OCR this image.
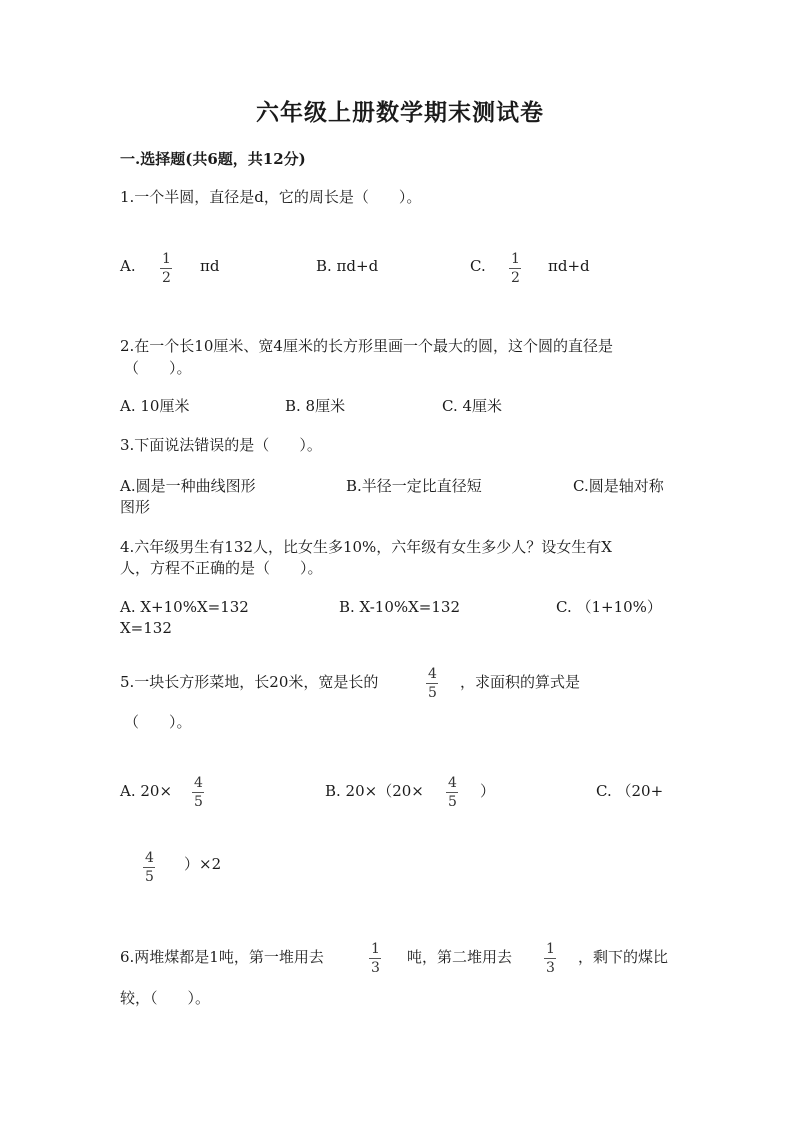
六年级上册数学期末测试卷
一.选择题(共6题，共12分)
1.一个半圆，直径是d，它的周长是（　　）。
A. 1
2
πd	B. πd+d	C. 1
2
πd+d
2.在一个长10厘米、宽4厘米的长方形里画一个最大的圆，这个圆的直径是
（　　）。
A. 10厘米	B. 8厘米	C. 4厘米
3.下面说法错误的是（　　）。
A.圆是一种曲线图形	B.半径一定比直径短	C.圆是轴对称
图形
4.六年级男生有132人，比女生多10%，六年级有女生多少人？设女生有X
人，方程不正确的是（　　）。
A. X+10%X=132	B. X-10%X=132	C. （1+10%）
X=132
5.一块长方形菜地，长20米，宽是长的	4
5
，求面积的算式是
（　　）。
A. 20× 4
5
B. 20×（20× 4
5
）	C. （20+
4
5
）×2
6.两堆煤都是1吨，第一堆用去	1
3
吨，第二堆用去 1
3
，剩下的煤比
较，（　　）。
